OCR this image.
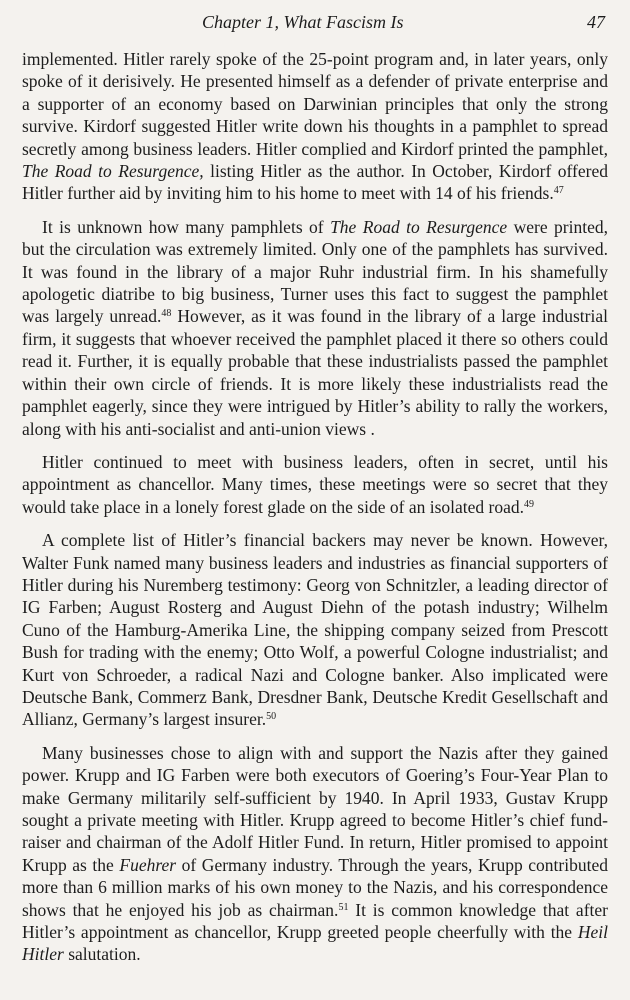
Chapter 1, What Fascism Is	47

implemented. Hitler rarely spoke of the 25-point program and, in later years, only spoke of it derisively. He presented himself as a defender of private enterprise and a supporter of an economy based on Darwinian principles that only the strong survive. Kirdorf suggested Hitler write down his thoughts in a pamphlet to spread secretly among business leaders. Hitler complied and Kirdorf printed the pamphlet, The Road to Resurgence, listing Hitler as the author. In October, Kirdorf offered Hitler further aid by inviting him to his home to meet with 14 of his friends.$^{47}$

It is unknown how many pamphlets of The Road to Resurgence were printed, but the circulation was extremely limited. Only one of the pamphlets has survived. It was found in the library of a major Ruhr industrial firm. In his shamefully apologetic diatribe to big business, Turner uses this fact to suggest the pamphlet was largely unread.$^{48}$ However, as it was found in the library of a large industrial firm, it suggests that whoever received the pamphlet placed it there so others could read it. Further, it is equally probable that these industrialists passed the pamphlet within their own circle of friends. It is more likely these industrialists read the pamphlet eagerly, since they were intrigued by Hitler’s ability to rally the workers, along with his anti-socialist and anti-union views .

Hitler continued to meet with business leaders, often in secret, until his appointment as chancellor. Many times, these meetings were so secret that they would take place in a lonely forest glade on the side of an isolated road.$^{49}$

A complete list of Hitler’s financial backers may never be known. However, Walter Funk named many business leaders and industries as financial supporters of Hitler during his Nuremberg testimony: Georg von Schnitzler, a leading director of IG Farben; August Rosterg and August Diehn of the potash industry; Wilhelm Cuno of the Hamburg-Amerika Line, the shipping company seized from Prescott Bush for trading with the enemy; Otto Wolf, a powerful Cologne industrialist; and Kurt von Schroeder, a radical Nazi and Cologne banker. Also implicated were Deutsche Bank, Commerz Bank, Dresdner Bank, Deutsche Kredit Gesellschaft and Allianz, Germany’s largest insurer.$^{50}$

Many businesses chose to align with and support the Nazis after they gained power. Krupp and IG Farben were both executors of Goering’s Four-Year Plan to make Germany militarily self-sufficient by 1940. In April 1933, Gustav Krupp sought a private meeting with Hitler. Krupp agreed to become Hitler’s chief fund-raiser and chairman of the Adolf Hitler Fund. In return, Hitler promised to appoint Krupp as the Fuehrer of Germany industry. Through the years, Krupp contributed more than 6 million marks of his own money to the Nazis, and his correspondence shows that he enjoyed his job as chairman.$^{51}$ It is common knowledge that after Hitler’s appointment as chancellor, Krupp greeted people cheerfully with the Heil Hitler salutation.
